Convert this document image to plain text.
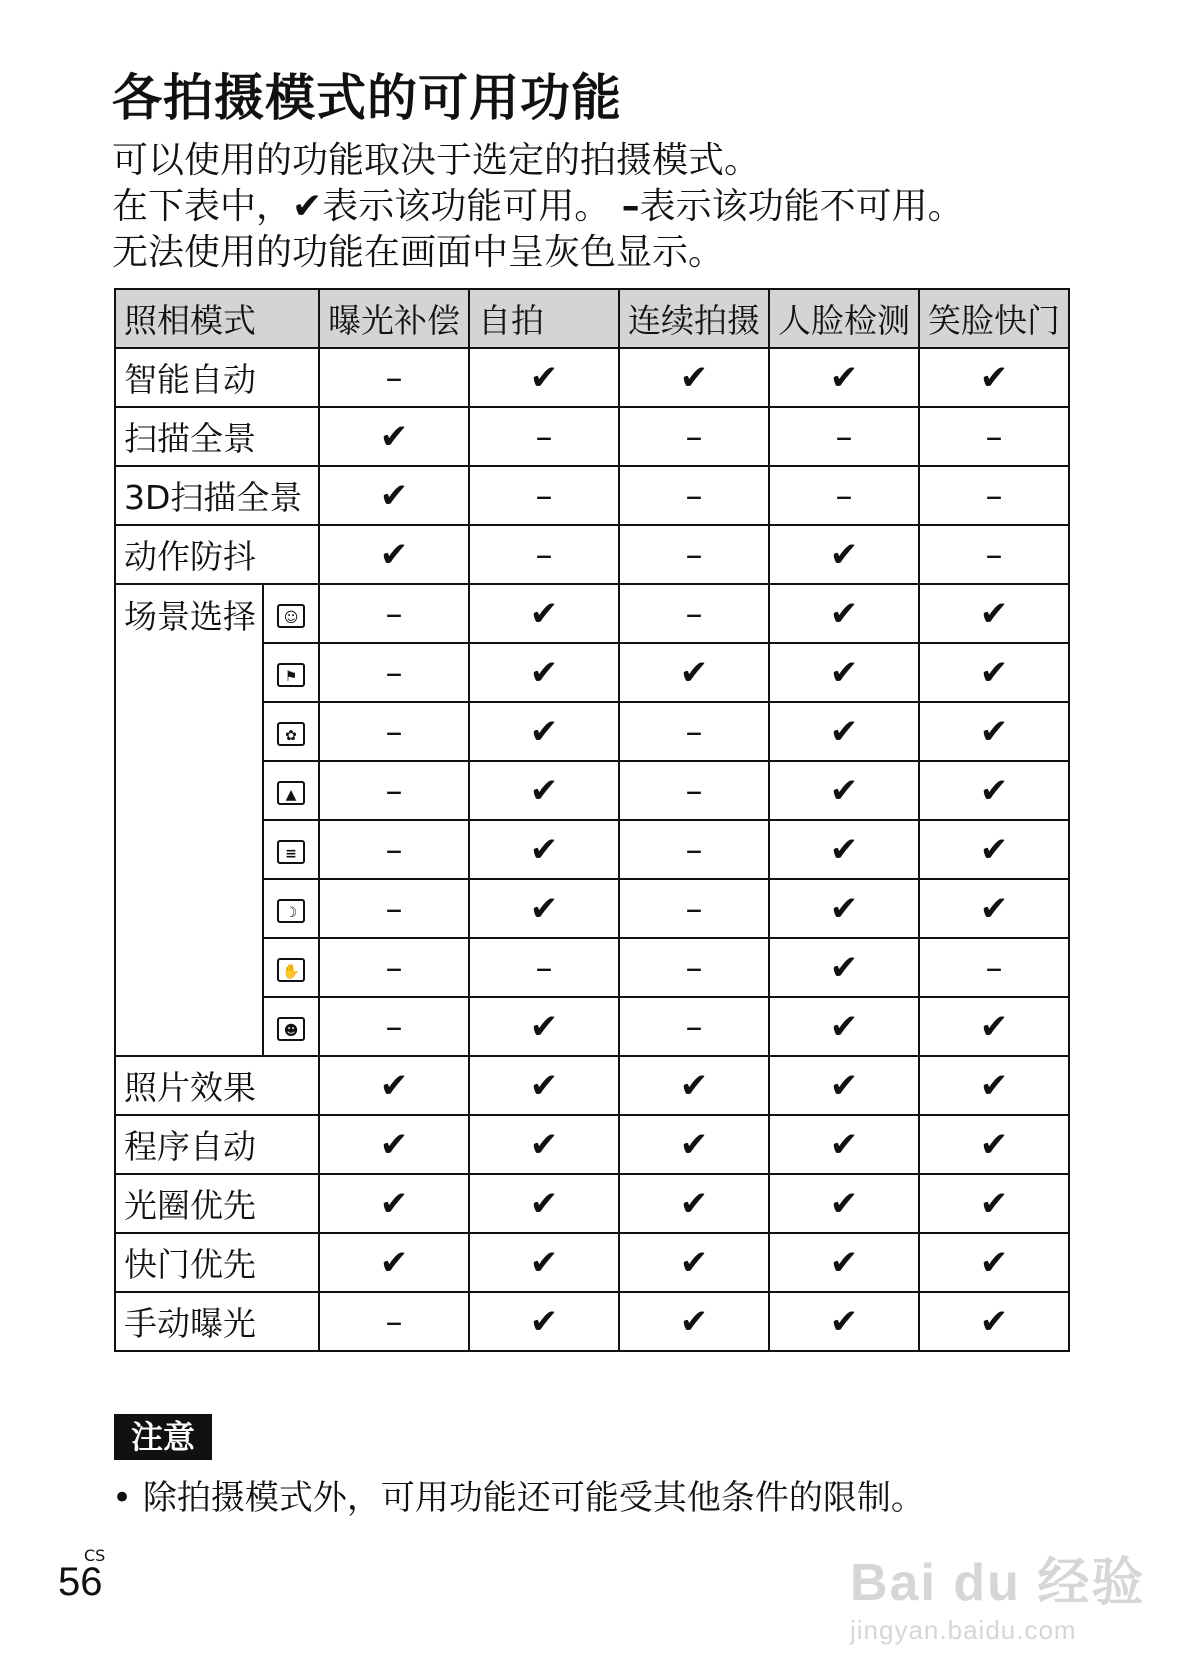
各拍摄模式的可用功能
可以使用的功能取决于选定的拍摄模式。
在下表中，✔表示该功能可用。 –表示该功能不可用。
无法使用的功能在画面中呈灰色显示。
照相模式		曝光补偿	自拍	连续拍摄	人脸检测	笑脸快门
智能自动		–	✔	✔	✔	✔
扫描全景		✔	–	–	–	–
3D扫描全景		✔	–	–	–	–
动作防抖		✔	–	–	✔	–
场景选择	☺	–	✔	–	✔	✔
	⚑	–	✔	✔	✔	✔
	✿	–	✔	–	✔	✔
	▲	–	✔	–	✔	✔
	≡	–	✔	–	✔	✔
	☽	–	✔	–	✔	✔
	✋	–	–	–	✔	–
	☻	–	✔	–	✔	✔
照片效果		✔	✔	✔	✔	✔
程序自动		✔	✔	✔	✔	✔
光圈优先		✔	✔	✔	✔	✔
快门优先		✔	✔	✔	✔	✔
手动曝光		–	✔	✔	✔	✔
注意
• 除拍摄模式外，可用功能还可能受其他条件的限制。
CS
56	Bai du 经验
jingyan.baidu.com
